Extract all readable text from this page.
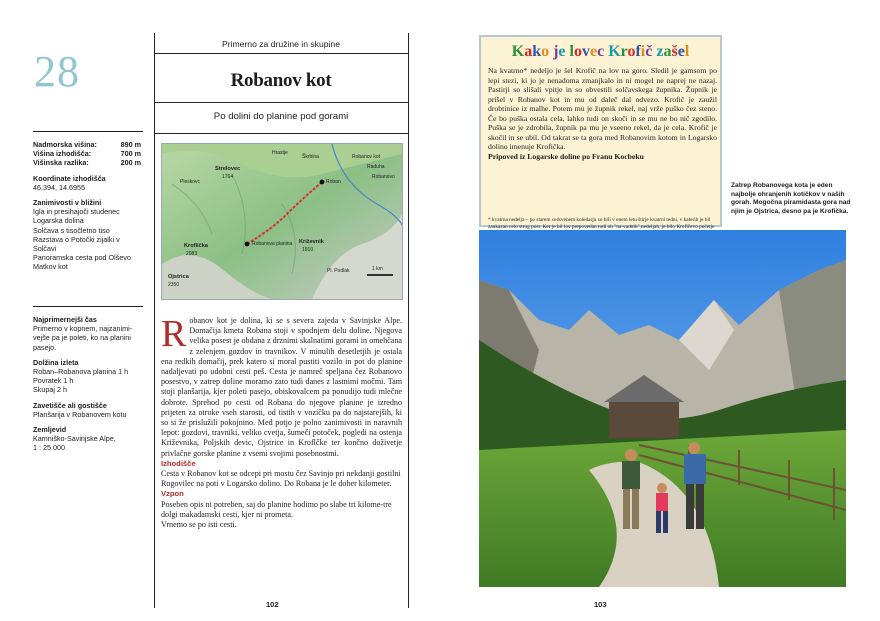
28
Nadmorska višina:	890 m
Višina izhodišča:	700 m
Višinska razlika:	200 m
Koordinate izhodišča
46.394, 14.6955
Zanimivosti v bližini
Igla in presihajoči studenec
Logarska dolina
Solčava s tisočletno tiso
Razstava o Potočki zijalki v Solčavi
Panoramska cesta pod Olševo
Matkov kot
Najprimernejši čas
Primerno v kopnem, najzanimi-vejše pa je poleti, ko na planini pasejo.
Dolžina izleta
Roban–Robanova planina 1 h
Povratek 1 h
Skupaj 2 h
Zavetišče ali gostišče
Planšarija v Robanovem kotu
Zemljevid
Kamniško-Savinjske Alpe,
1 : 25.000
Primerno za družine in skupine
Robanov kot
Po dolini do planine pod gorami
Hrastje
Roban
Robanov kot
Strelovec
1764
Pleskovc
Robanova planina
Kroflička
2083
Križevnik
1910
Pl. Podlak
Ojstrica
2350
1 km
Škrbina
Raduha
Robanovo
R obanov kot je dolina, ki se s severa zajeda v Savinjske Alpe. Domačija kmeta Robana stoji v spodnjem delu doline. Njegova velika posest je obdana z drznimi skalnatimi gorami in omehčana z zelenjem gozdov in travnikov. V minulih desetletjih je ostala ena redkih domačij, prek katero si moral pustiti vozilo in pot do planine nadaljevati po udobni cesti peš. Cesta je namreč speljana čez Robanovo posestvo, v zatrep doline moramo zato tudi danes z lastnimi močmi. Tam stoji planšarija, kjer poleti pasejo, obiskovalcem pa ponudijo tudi mlečne dobrote. Sprehod po cesti od Robana do njegove planine je izredno prijeten za otroke vseh starosti, od tistih v vozičku pa do najstarejših, ki so si že prislužili pokojnino. Med potjo je polno zanimivosti in naravnih lepot: gozdovi, travniki, veliko cvetja, šumeči potoček, pogledi na ostenja Križevnika, Poljskih devic, Ojstrice in Kroflčke ter končno doživetje privlačne gorske planine z vsemi svojimi posebnostmi.
Izhodišče
Cesta v Robanov kot se odcepi pri mostu čez Savinjo pri nekdanji gostilni Rogovilec na poti v Logarsko dolino. Do Robana je le dober kilometer.
Vzpon
Poseben opis ni potreben, saj do planine hodimo po slabe tri kilome-tre dolgi makadamski cesti, kjer ni prometa.
Vrnemo se po isti cesti.
102
Kako je lovec Krofič zašel
Na kvatrno* nedeljo je šel Krofič na lov na goro. Sledil je gamsom po lepi stezi, ki jo je nenadoma zmanjkalo in ni mogel ne naprej ne nazaj. Pastirji so slišali vpitje in so obvestili solčavskega župnika. Župnik je prišel v Robanov kot in mu od daleč dal odvezo. Krofič je zaužil drobtinice iz malhe. Potem mu je župnik rekel, naj vrže puško čez steno. Če bo puška ostala cela, lahko tudi on skoči in se mu ne bo nič zgodilo. Puška se je zdrobila, župnik pa mu je vseeno rekel, da je cela. Krofič je skočil in se ubil. Od takrat se ta gora med Robanovim kotom in Logarsko dolino imenuje Krofička.
Pripoved iz Logarske doline po Franu Kocbeku
* kvatrna nedelja – po starem cerkvenem koledarju so bili v enem letu štirje kvatrni tedni, v katerih je bil zaukazan celo strog post. Ker je bil lov prepovedan tudi ob "na-vadnih" nedeljah, je bilo Krofičevo početje
Zatrep Robanovega kota je eden najbolje ohranjenih kotičkov v naših gorah. Mogočna piramidasta gora nad njim je Ojstrica, desno pa je Krofička.
103
